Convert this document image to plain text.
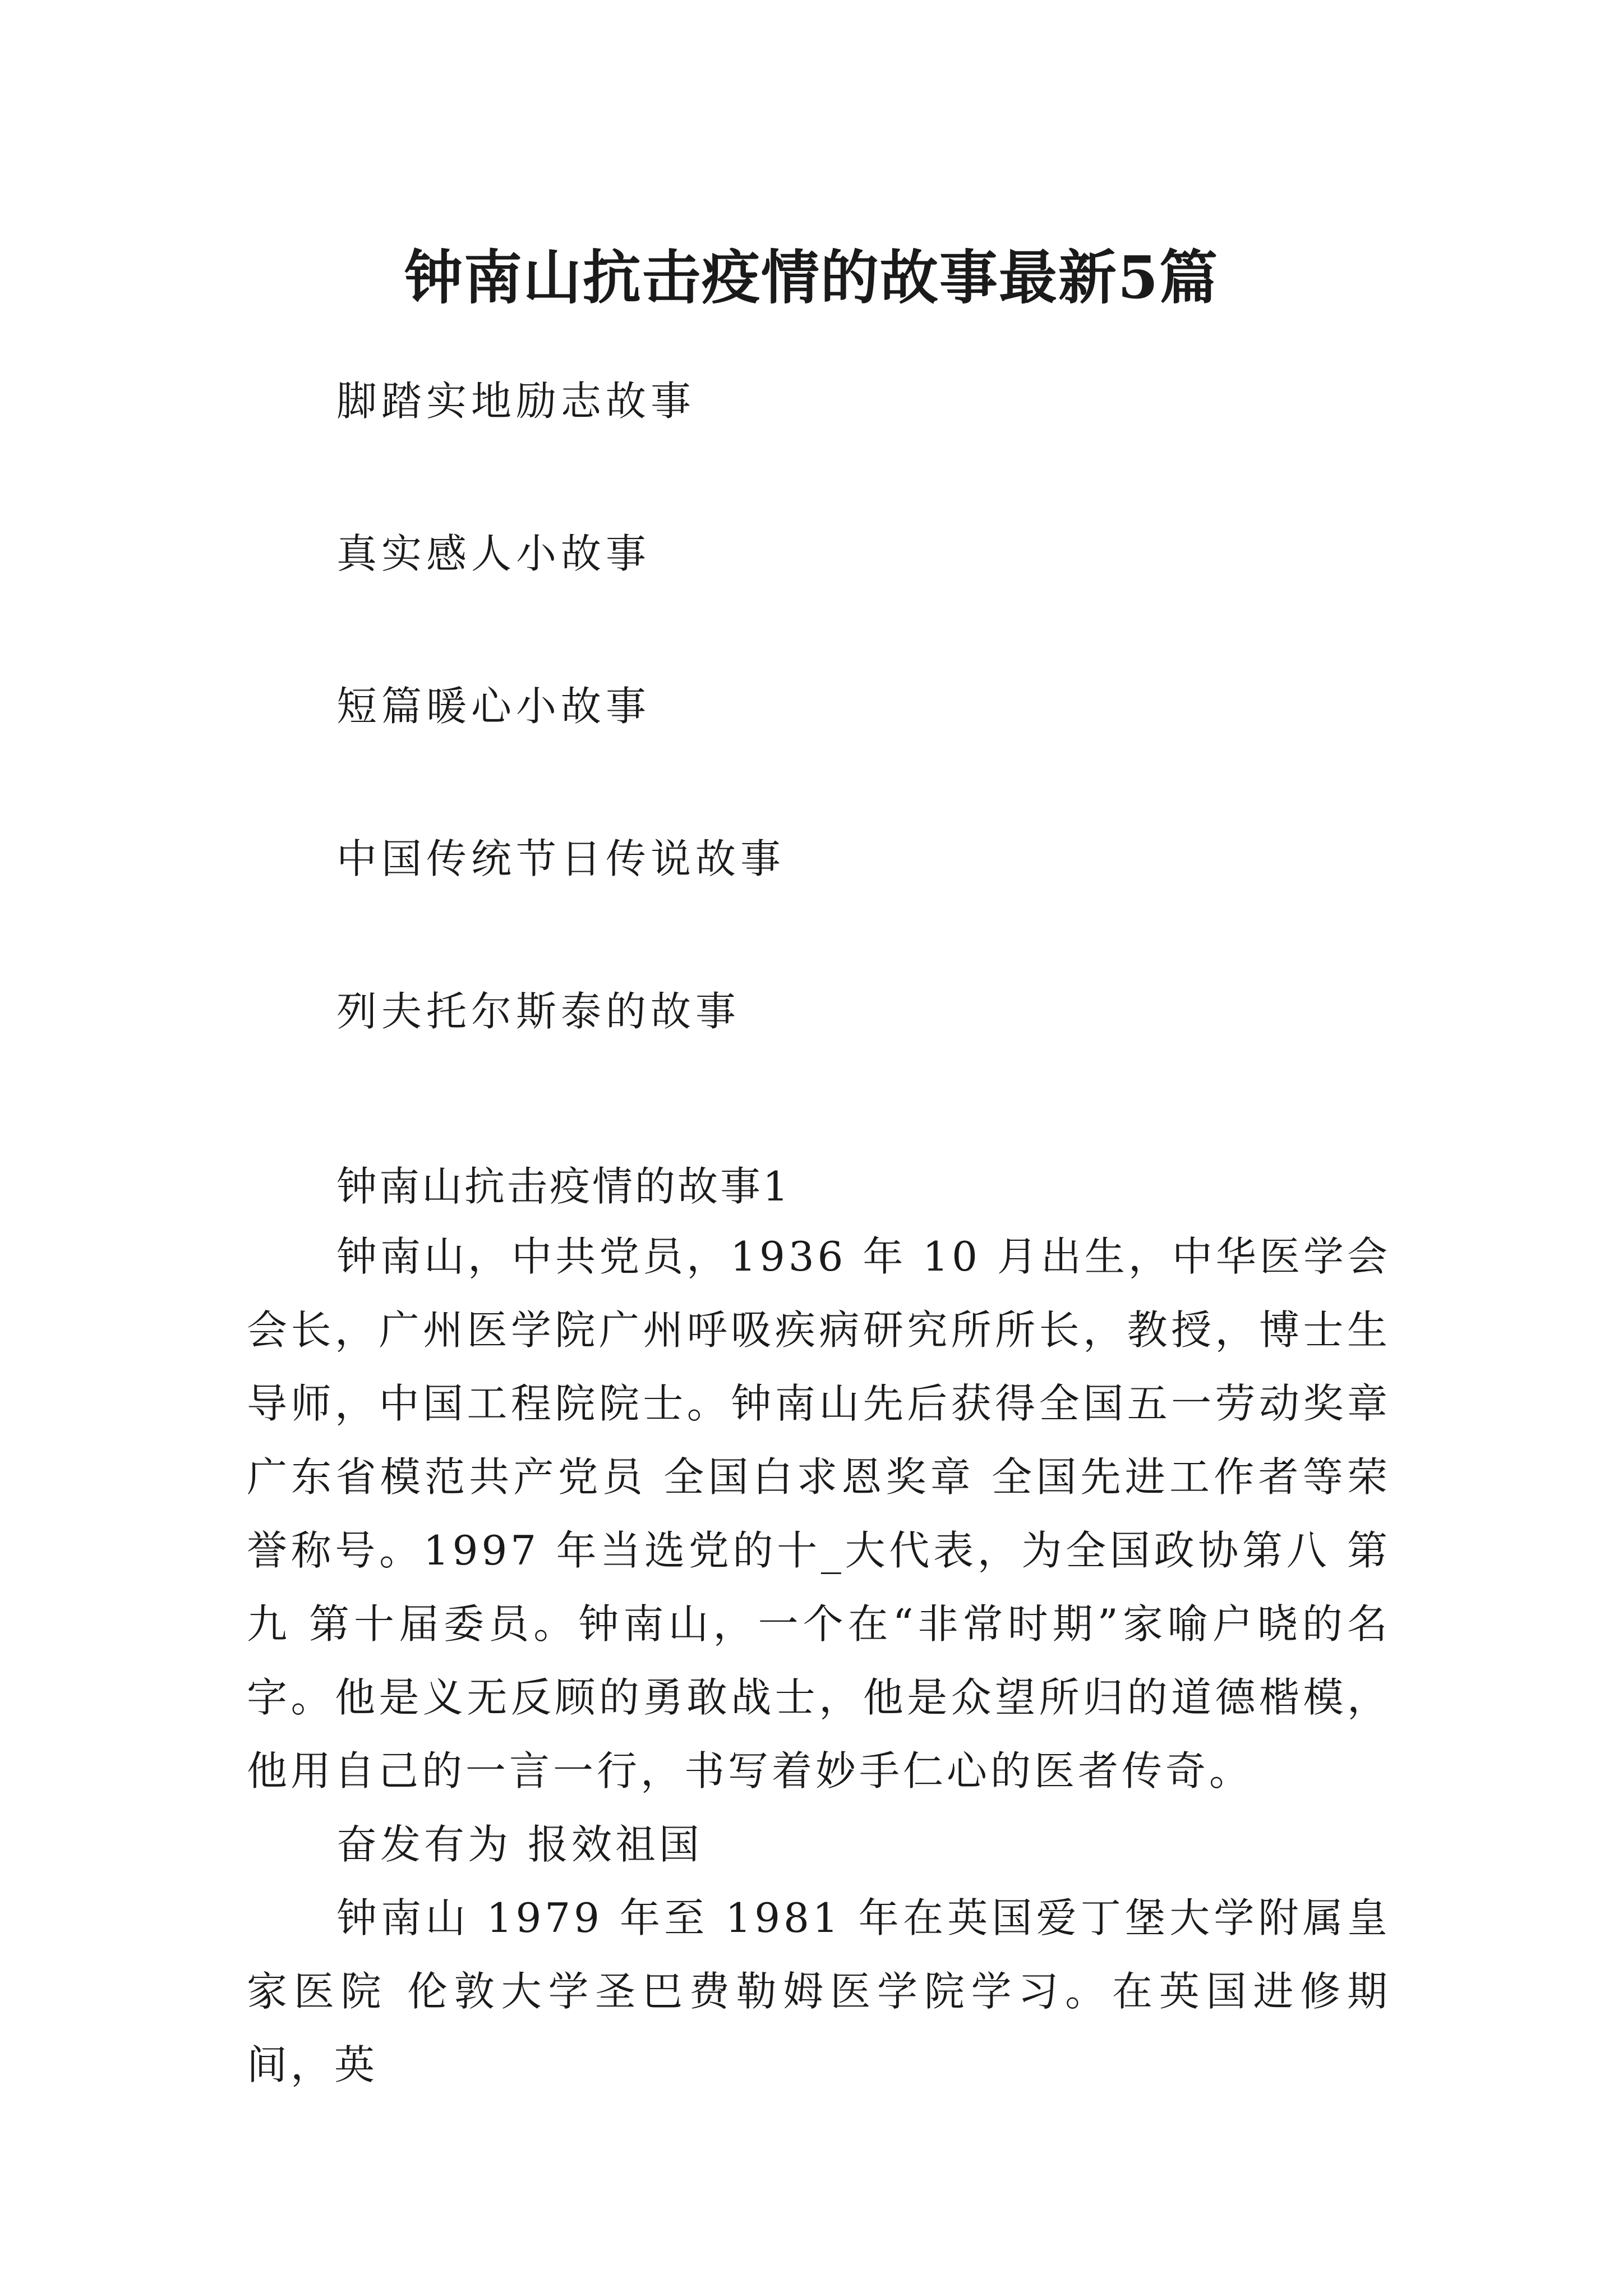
钟南山抗击疫情的故事最新5篇
脚踏实地励志故事
真实感人小故事
短篇暖心小故事
中国传统节日传说故事
列夫托尔斯泰的故事

钟南山抗击疫情的故事1

钟南山，中共党员，1936 年 10 月出生，中华医学会会长，广州医学院广州呼吸疾病研究所所长，教授，博士生导师，中国工程院院士。钟南山先后获得全国五一劳动奖章 广东省模范共产党员 全国白求恩奖章 全国先进工作者等荣誉称号。1997 年当选党的十_大代表，为全国政协第八 第九 第十届委员。钟南山，一个在“非常时期”家喻户晓的名字。他是义无反顾的勇敢战士，他是众望所归的道德楷模，他用自己的一言一行，书写着妙手仁心的医者传奇。

奋发有为 报效祖国

钟南山 1979 年至 1981 年在英国爱丁堡大学附属皇家医院 伦敦大学圣巴费勒姆医学院学习。在英国进修期间，英
